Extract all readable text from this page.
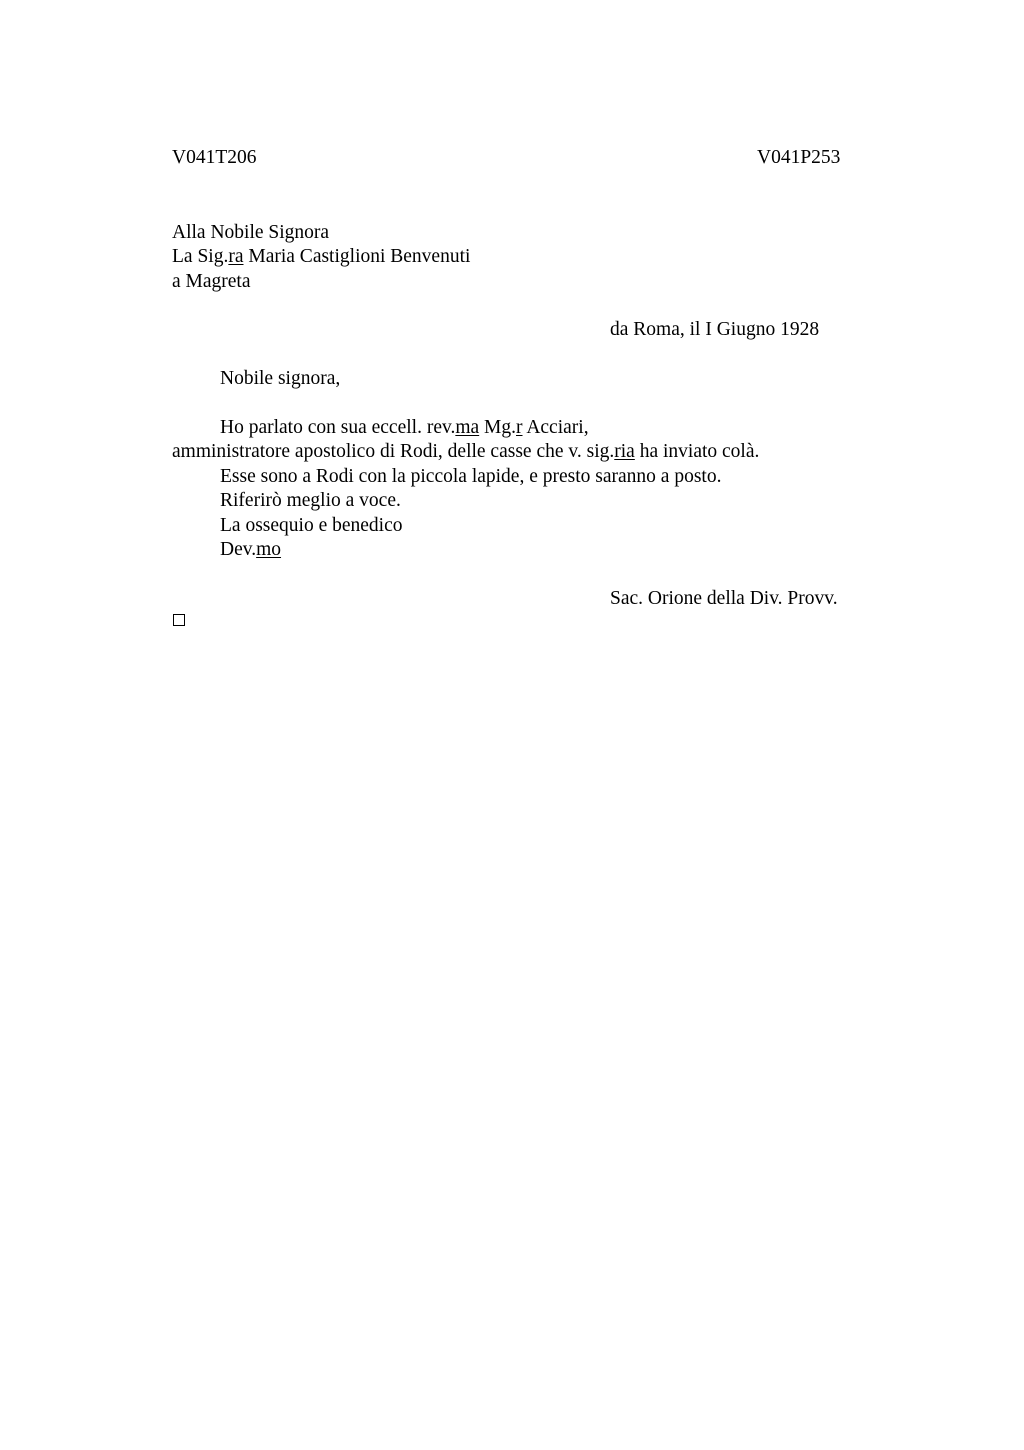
V041T206	V041P253
Alla Nobile Signora
La Sig.ra Maria Castiglioni Benvenuti
a Magreta
da Roma, il I Giugno 1928
Nobile signora,
Ho parlato con sua eccell. rev.ma Mg.r Acciari,
amministratore apostolico di Rodi, delle casse che v. sig.ria ha inviato colà.
Esse sono a Rodi con la piccola lapide, e presto saranno a posto.
Riferirò meglio a voce.
La ossequio e benedico
Dev.mo
Sac. Orione della Div. Provv.
